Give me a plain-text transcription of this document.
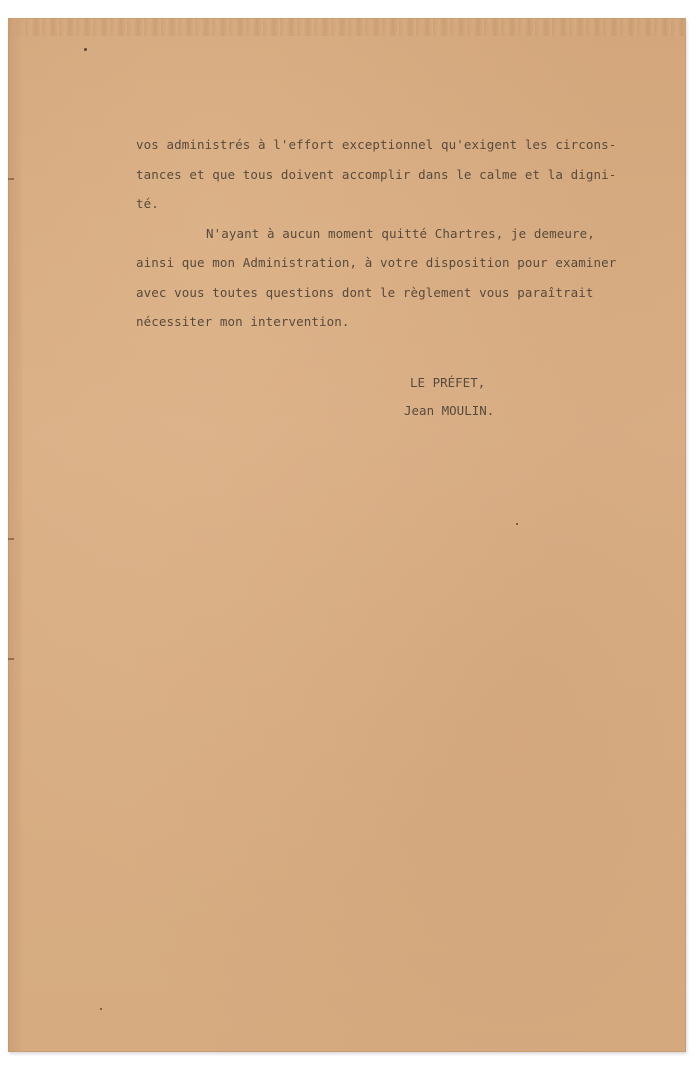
vos administrés à l'effort exceptionnel qu'exigent les circons-
tances et que tous doivent accomplir dans le calme et la digni-
té.
N'ayant à aucun moment quitté Chartres, je demeure,
ainsi que mon Administration, à votre disposition pour examiner
avec vous toutes questions dont le règlement vous paraîtrait
nécessiter mon intervention.
LE PRÉFET,
Jean MOULIN.
